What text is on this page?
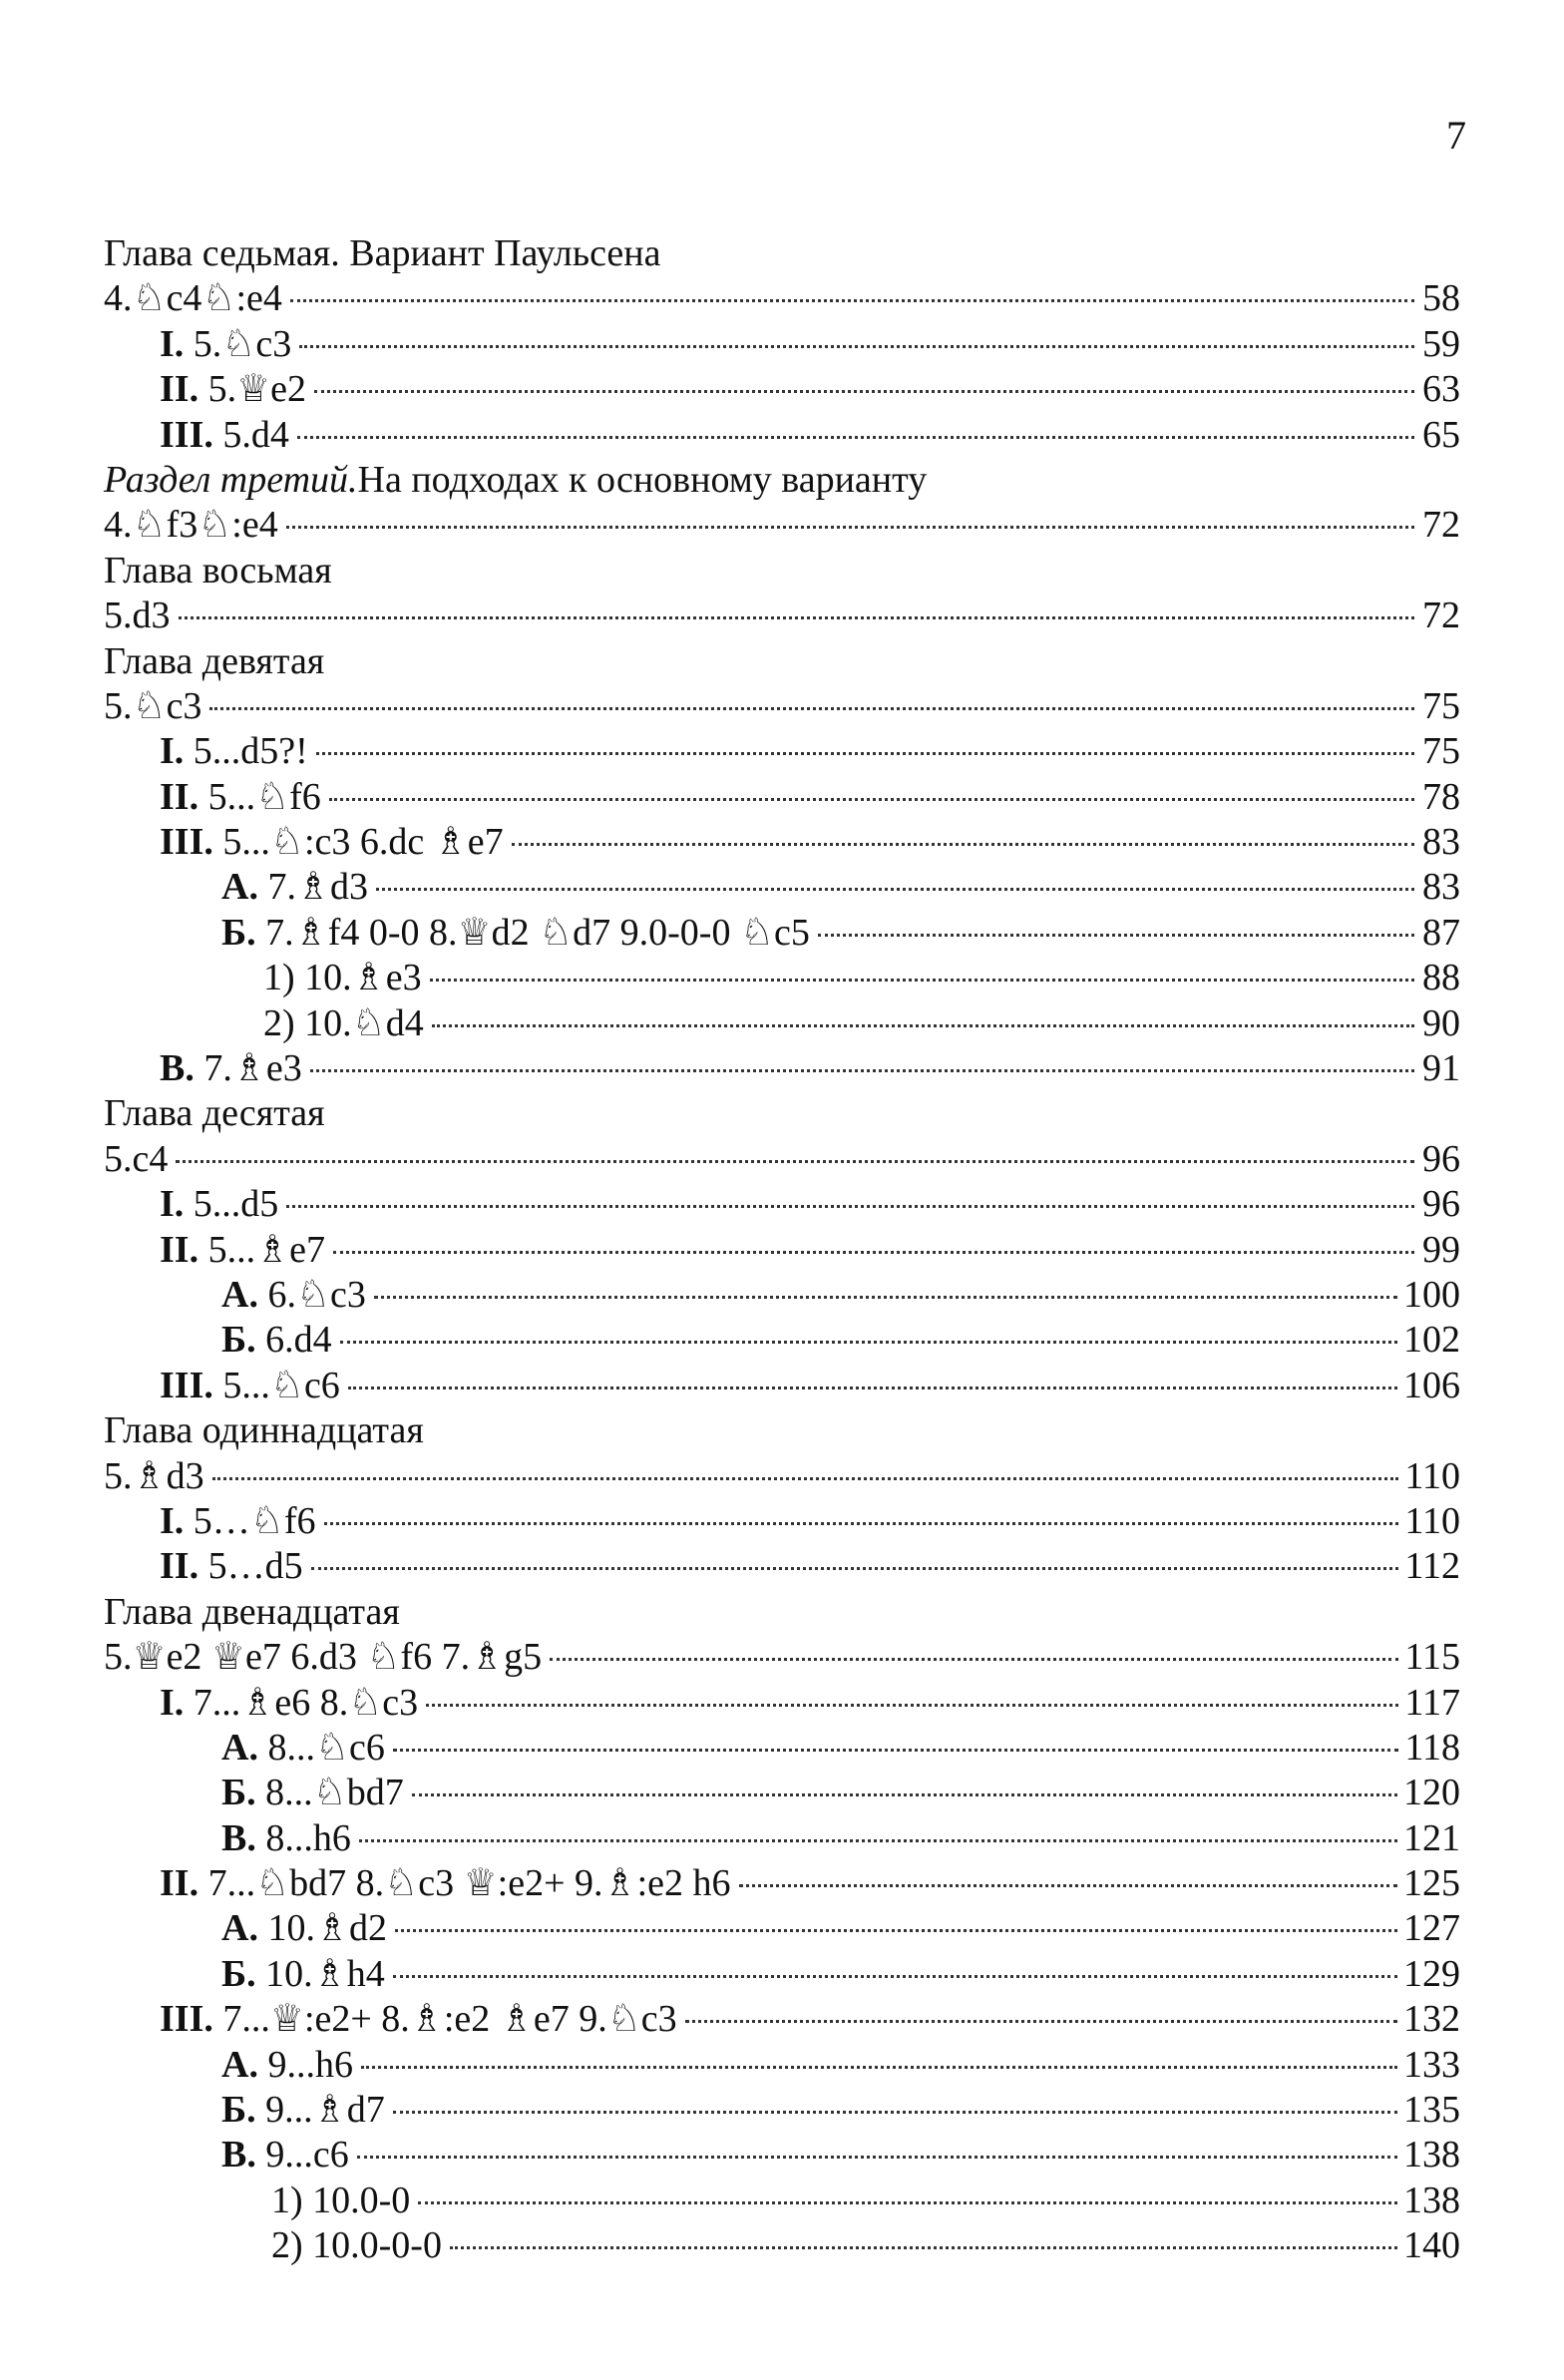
7
Глава седьмая. Вариант Паульсена
4.♘c4♘:e4	58
I. 5.♘c3	59
II. 5.♕e2	63
III. 5.d4	65
Раздел третий. На подходах к основному варианту
4.♘f3♘:e4	72
Глава восьмая
5.d3	72
Глава девятая
5.♘c3	75
I. 5...d5?!	75
II. 5...♘f6	78
III. 5...♘:c3 6.dc ♗e7	83
А. 7.♗d3	83
Б. 7.♗f4 0-0 8.♕d2 ♘d7 9.0-0-0 ♘c5	87
1) 10.♗e3	88
2) 10.♘d4	90
В. 7.♗e3	91
Глава десятая
5.c4	96
I. 5...d5	96
II. 5...♗e7	99
А. 6.♘c3	100
Б. 6.d4	102
III. 5...♘c6	106
Глава одиннадцатая
5.♗d3	110
I. 5…♘f6	110
II. 5…d5	112
Глава двенадцатая
5.♕e2 ♕e7 6.d3 ♘f6 7.♗g5	115
I. 7...♗e6 8.♘c3	117
А. 8...♘c6	118
Б. 8...♘bd7	120
В. 8...h6	121
II. 7...♘bd7 8.♘c3 ♕:e2+ 9.♗:e2 h6	125
А. 10.♗d2	127
Б. 10.♗h4	129
III. 7...♕:e2+ 8.♗:e2 ♗e7 9.♘c3	132
А. 9...h6	133
Б. 9...♗d7	135
В. 9...c6	138
1) 10.0-0	138
2) 10.0-0-0	140
